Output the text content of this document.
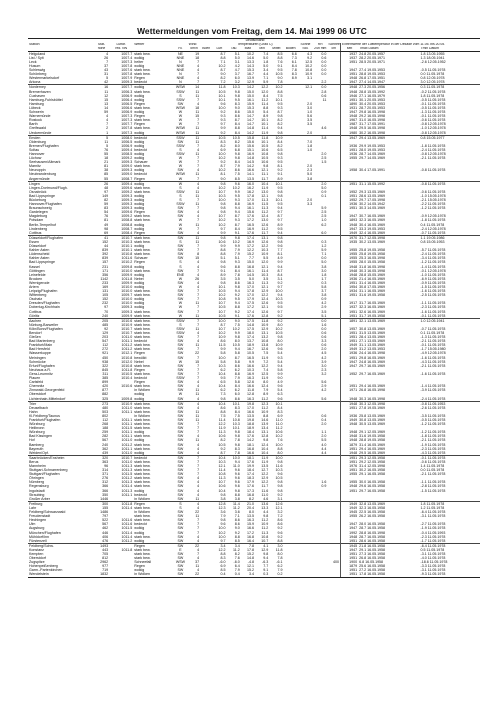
Wettermeldungen vom Freitag, dem 14. Mai 1999 06 UTC
							Deutschland											
Station	Stat-	Luftdr.	Wetter	Wind			Temperaturen (Grad C)						Sonne	RR	Schnee	Extremwerte der Lufttemperatur in der Dekade vom 11.05. bis 20.05.		
	höhe	red. NN		Ri.	km/h	Böen	Luft	Tau	Max	Min	Mittel	Boden	Std.	24h mm	cm	seit	Tmax Datum	Tmin Datum
Helgoland	4	1007.7	stark bew.	NE	19		8.7	5.1	10.2	7.4	8.5	6.6	4.3	0.0		1937	24.8 20.05.1957	1.8 13.05.1955
List / Sylt	26	1007.4	wolkig	NNE	18		8.8	5.0	14.6	5.0	8.8	7.3	9.2	0.6		1937	28.2 20.05.1971	1.3 18.05.1941
Leck	7	1007.3	heiter	N	7		7.1	3.1	13.3	1.8	7.6	6.1	12.5	0.0		1951	28.5 20.05.1971	-2.6 12.05.1952
Husum	37	1007.8	wolkig	NNE	4		10.2	4.2	14.3	5.0	9.1	8.4	10.2	0.0				
Schleswig	43	1007.6	stark bew.	NNE	4		8.7	4.7	15.3	3.4	9.5	7.8	10.8	0.0		1947	27.4 19.05.1953	-0.5 11.05.1978
Schönberg	31	1007.8	stark bew.	N	7		9.0	3.7	16.7	4.4	10.5	8.3	10.9	0.0		1951	28.8 19.05.1953	0.0 11.05.1978
Westermarkelsdorf	5	1007.9	Regen	NNE	4		8.2	6.0	13.9	7.1	9.0	8.9	3.1			1948	26.8 17.05.1951	0.8 12.05.1978
Arkona	42	1009.3	bedeckt	N	7		7.2	3.2	12.9	5.9	7.8			2.2		1947	27.4 14.05.1947	3.0 12.05.1978
Norderney	16	1007.7	wolkig	WSW	14		11.8	10.3	14.2	12.2	10.2		12.1	0.0		1948	27.3 20.05.1956	0.3 11.05.1978
Bremerhaven	11	1006.3	stark bew.	SSW	11		10.5	9.8	15.0	12.0	8.8			2.8		1948	28.8 15.05.1992	-0.2 11.05.1978
Cuxhaven	12	1006.9	wolkig	S	11		10.1	9.8	15.0	8.4	7.5			0.6		1946	27.1 16.05.1979	1.8 11.05.1978
Hamburg-Fuhlsbüttel	15	1006.4	wolkig	SSW	7		10.1	9.5	16.1	11.2	10.1			11		1951	30.1 20.05.1953	-0.5 11.05.1978
Hamburg	13	1006.5	Regen	SW	4		9.6	8.3	15.9	11.4	9.5		2.0			1890	30.4 20.05.1953	-0.1 11.05.1978
Lübeck	14	1006.6	stark bew.	WSW	18		10.0	9.0	15.3	8.8	9.3		3.0			1931	28.7 20.05.1953	-0.5 11.05.1978
Schwerin	59	1006.9	wolkig	W	11		9.2	8.6	15.0	5.4	8.7		1.0			1947	29.8 16.05.1998	-1.3 11.05.1978
Warnemünde	4	1007.3	Regen	W	15		9.3	8.6	14.7	8.9	9.8		5.6			1948	29.2 16.05.1998	-0.1 11.05.1978
Rostock	4	1007.3	stark bew.	W	7		9.3	8.7	14.7	10.1	8.2		3.5			1967	31.0 16.05.1998	-0.6 11.05.1978
Barth	7	1007.7	Regen	W	7		9.7	8.4	14.7	10.1	8.2		3.5			1987	31.7 17.05.1991	-0.8 12.05.1978
Greifswald	2	1007.8	stark bew.	WSW	11		9.9	8.8	14.8	11.4	9.4			4.6		1948	29.5 16.05.1998	-1.0 12.05.1978
Ueckermünde	1	1007.3	wolkig	WSW	11		9.2	8.4	14.2	11.9	9.8		2.0			1980	30.2 16.05.1998	-0.8 12.05.1978
Emden	5	1008.0	bedeckt	SSW	11		10.5	10.5	15.8	11.8	10.9			3.8		1947	29.4 13.05.1969	0.8 15.05.1977
Oldenburg	11	1006.5	wolkig	SW	11		8.3	8.2	15.6	10.1	8.4		7.0					
Bremen/Flughafen	5	1006.9	wolkig	SSW	7		8.2	8.0	15.6	10.5	8.2		1.8			1936	29.9 19.05.1953	-1.8 11.05.1978
Soltau	76	1009.4	bedeckt	S	4		6.9	6.8	15.1	10.6	6.5		1.0			1951	28.0 19.05.1953	-2.4 11.05.1978
Hannover	55	1008.5	wolkig	SSW	11		10.0	9.8	16.9	10.8	9.8			2.0		1936	28.7 14.05.1969	-0.8 12.05.1978
Lüchow	18	1009.2	wolkig	W	7		10.2	9.8	14.8	10.5	9.3			2.5		1955	29.7 14.05.1969	-2.1 11.05.1978
Seehausen/Altmark	21	1009.3	Schauer	W	7		9.2	8.4	14.5	10.6	9.5			1.5				
Marnitz	81	1009.0	stark bew.	W	7		8.7	7.9	14.2	9.8	8.1		2.0					
Neuruppin	38	1009.3	wolkig	SW	4		10.2	8.6	16.6	12.1	9.2		2.3			1958	30.4 17.05.1991	-0.8 11.05.1978
Neubrandenburg	85	1009.0	bedeckt	WSW	11		8.1	7.5	14.1	11.1	9.1		5.0					
Angermünde	55	1008.7	Regen	W	7		9.0	8.5	13.5	11.7	8.9		3.8					
Lingen	26	1009.4	wolkig	W	4		9.8	9.6	16.0	10.4	10.1			2.0		1951	31.1 15.05.1992	-0.8 11.05.1978
Lingen-Dortmund/Flugh.	48	1009.6	stark bew.	S	4		10.2	10.2	16.2	11.9	9.5			5.0				
Osnabrück	97	1009.2	stark bew.	SSW	11		10.7	9.9	16.2	13.0	9.8			0.9		1952	29.3 13.05.1969	-0.6 11.05.1978
Bad Lippspringe	149	1009.3	wolkig	S	11		10.3	9.5	17.8	12.1	9.8			0.1		1951	28.6 13.05.1969	-1.0 15.05.1978
Bückeburg	82	1009.3	wolkig	S	7		10.0	9.3	17.0	11.3	10.1		2.0			1952	29.7 17.05.1998	-2.1 15.05.1978
Hannover/Flughafen	59	1009.3	wolkig	SSW	11		9.8	8.8	16.9	11.5	9.5		3.3			1936	30.2 14.05.1942	-2.2 11.05.1978
Braunschweig	83	1009.3	wolkig	SW	7		9.8	9.4	16.1	11.3	9.4			5.9		1951	30.3 14.05.1969	-1.2 11.05.1978
Gardelegen	54	1009.6	Regen	SW	4		9.8	9.4	15.6	11.2	9.7			2.5				
Magdeburg	76	1009.2	stark bew.	SW	4		10.7	8.7	17.6	12.4	8.7			2.5		1947	30.7 16.05.1969	-0.9 12.05.1978
Potsdam	81	1008.8	stark bew.	W	7		10.2	9.3	17.2	13.0	9.7			1.0		1893	32.3 16.05.1969	-1.8 11.05.1978
Berlin-Tempelhof	49	1008.8	wolkig	W	11		10.2	8.7	16.5	12.6	8.9			6.2		1948	30.4 16.05.1969	0.4 11.05.1978
Lindenberg	98	1008.7	wolkig	W	7		9.7	8.4	16.9	11.2	9.5					1947	33.3 19.05.1953	-2.4 12.05.1978
Cottbus	69	1008.4	Regen	SW	4		9.9	9.1	17.6	11.7	9.4			6.0		1949	32.4 16.05.1969	-0.7 11.05.1978
Düsseldorf/Flughafen	41	1010.7	stark bew.	SW	11		9.8	9.8	17.4	13.1	9.8					1970	31.7 12.05.1998	1.1 19.05.1986
Essen	152	1010.3	stark bew.	S	11		10.6	10.2	16.9	12.6	9.8			0.3		1935	30.2 13.05.1969	0.8 15.05.1953
Düsseldorf	44	1010.1	wolkig	SW	7		9.9	9.9	17.2	12.2	9.6			1.2				
Kahler Asten	839	1010.1	stark bew.	SW	7		8.8	7.9	12.2	10.3	7.7			5.9		1955	25.8 19.05.1958	-5.7 11.05.1978
Lüdenscheid	392	1010.8	stark bew.	SW	8		8.8	7.9	15.2	10.9	8.1			7.1		1955	25.8 19.05.1958	-2.4 11.05.1978
Kahler Asten	839	1011.6	Schauer	SW	15		5.1	5.1	7.7	5.5	4.9			0.0		1955	25.3 16.05.1998	-3.4 11.05.1978
Bad Lippspringe	157	1010.2	Regen	S	4		9.8	9.3	15.0	12.0	9.9			5.0		1955	28.0 15.05.1958	-1.2 11.05.1978
Kassel	231	1009.8	wolkig	S	4		9.6	8.8	16.8	12.1	9.4			3.8		1948	31.8 16.05.1998	-1.4 11.05.1978
Göttingen	171	1010.0	stark bew.	SW	7		9.1	8.4	16.1	11.4	8.7			3.0		1948	30.3 16.05.1998	-0.1 12.05.1978
Leinefelde	356	1009.9	wolkig	ENE	4		8.9	7.8	14.5	10.3	8.4			1.8		1948	28.8 15.05.1969	-1.0 11.05.1978
Brocken	1142	1011.8	Nebel	W	26		3.5	3.5	5.0	3.5	3.1			1.7		1936	21.4 16.05.1969	-6.9 11.05.1978
Wernigerode	233	1009.9	wolkig	SW	4		9.8	8.6	16.3	11.3	9.2			0.3		1951	31.4 16.05.1969	-0.9 11.05.1978
Artern	169	1010.0	wolkig	W	4		10.1	9.8	17.0	12.1	9.7			5.8		1954	30.8 17.05.1969	-1.5 11.05.1978
Leipzig/Flughafen	131	1010.0	stark bew.	SW	7		10.5	9.4	17.8	12.9	10.0			3.7		1934	31.1 16.05.1969	-1.6 11.05.1978
Wittenberg	105	1009.7	stark bew.	SW	7		10.2	9.2	17.0	12.2	9.4			3.8		1951	31.6 19.05.1958	-2.5 11.05.1978
Oschatz	152	1010.0	wolkig	SW	7		10.8	9.5	17.9	12.4	10.3			0.9				
Dresden/Flughafen	232	1010.0	wolkig	W	11		10.7	9.4	17.5	12.6	9.5			4.2		1917	31.7 16.05.1969	-1.1 11.05.1978
Doberlug-Kirchhain	97	1009.3	wolkig	W	7		10.5	8.8	17.2	12.1	9.5			2.9		1937	32.3 16.05.1969	-2.3 11.05.1978
Cottbus	70	1009.3	stark bew.	SW	7		10.7	9.2	17.4	12.6	9.7			3.5		1951	32.6 16.05.1969	-1.6 11.05.1978
Görlitz	240	1009.9	stark bew.	W	11		10.5	9.1	17.6	12.8	9.2			5.1		1951	31.7 19.05.1958	-0.1 11.05.1978
Aachen	205	1010.6	stark bew.	SSW	7		10.0	9.0	17.5	11.8	9.2			0.0		1891	32.1 13.05.1969	1.0 12.05.1941
Nürburg-Barweiler	485	1010.9	stark bew.	S	7		8.7	7.5	14.8	10.9	8.0			1.6				
Köln/Bonn/Flughafen	92	1010.7	stark bew.	SSW	11		10.7	10.2	17.5	12.9	10.2			0.0		1957	30.8 13.05.1969	-0.7 11.05.1978
Bendorf	129	1010.7	stark bew.	SSW	4		10.2	9.9	18.0	13.1	10.5			0.6		1951	31.5 13.05.1969	0.1 11.05.1978
Gießen	203	1011.0	stark bew.	SW	7		10.9	9.8	17.4	13.2	9.8			0.6		1951	28.4 13.05.1969	-1.3 11.05.1978
Bad Marienberg	547	1011.1	bedeckt	SW	4		8.6	8.0	13.7	10.8	8.0			3.3		1951	27.1 13.05.1969	-2.1 11.05.1978
Frankfurt/Main	112	1011.2	stark bew.	SW	11		11.5	10.5	18.9	13.8	10.9			0.6		1949	31.1 13.05.1969	-0.1 11.05.1978
Bad Hersfeld	272	1011.2	stark bew.	SW	7		9.9	9.4	16.7	12.6	9.6			2.0		1949	31.2 13.05.1953	-1.7 15.05.1980
Wasserkuppe	921	1012.1	Regen	SW	22		5.8	5.8	10.5	7.5	5.4			4.5		1936	24.4 16.05.1998	-4.9 12.05.1978
Meiningen	450	1010.8	bewölkt	SW	7		10.0	8.7	16.5	11.9	9.3			4.2		1951	29.8 16.05.1969	-1.6 11.05.1978
Schmücke	938	1012.0	Nebel	W	15		5.8	5.8	9.9	7.2	5.4			3.9		1947	24.8 16.05.1969	-4.3 11.05.1978
Erfurt/Flughafen	322	1010.8	stark bew.	SW	7		10.3	8.6	16.6	12.2	9.4			3.0		1947	29.7 16.05.1969	-2.1 11.05.1978
Neuhaus a.R.	845	1011.8	Regen	SW	7		6.2	6.2	10.3	7.4	5.8			2.3				
Gera-Leumnitz	311	1010.5	stark bew.	SW	7		10.4	8.8	16.9	12.5	9.9			3.2		1952	29.7 16.05.1969	-1.6 11.05.1978
Plauen	385	1010.4	bedeckt	SSW	7		9.5	7.9	16.3	11.9	9.0							
Carlsfeld	899		Regen	SW	4		6.5	5.8	12.6	8.0	4.9			5.6				
Chemnitz	420	1010.6	stark bew.	SW	4		10.4	8.4	16.6	12.4	9.6			2.9		1951	29.4 16.05.1969	-1.4 11.05.1978
Zinnwald-Georgenfeld	877		in Wolken	SW	11		6.2	6.2	11.8	7.9	5.4			4.2		1971	26.8 16.05.1998	-3.9 11.05.1978
Oberstdorf	882		wolkig	W	11		7.3	6.0	12.8	8.9	6.3							
Lichtenhain-Mittelndorf	325	1009.8	wolkig	SW	4		9.8	8.6	16.3	11.2	9.6			5.6		1948	30.3 16.05.1998	-2.4 11.05.1978
Trier	273	1010.9	stark bew.	SW	4		10.4	10.1	19.8	12.3	10.1					1948	30.3 12.05.1998	-0.8 11.05.1953
Deuselbach	480	1011.0	stark bew.	SW	4		8.6	8.3	17.0	11.2	8.4					1951	27.8 19.05.1969	-2.6 11.05.1978
Hahn	503	1011.1	stark bew.	SW	11		8.8	8.4	16.6	10.9	8.3							
Kl.Feldberg/Taunus	802		in Wolken	SW	11		7.5	7.5	13.5	8.8	6.9			0.6		1936	25.8 13.05.1969	-3.5 11.05.1978
Frankfurt/Flughafen	112	1011.1	stark bew.	SW	11		11.4	10.8	19.8	14.6	11.0			0.4		1949	30.8 13.05.1969	-0.5 11.05.1978
Würzburg	268	1011.1	stark bew.	SW	7		12.2	10.3	18.8	13.9	11.0			2.0		1948	30.5 13.05.1969	-1.2 11.05.1978
Heilbronn	188	1011.5	stark bew.	SW	7		11.9	10.1	18.9	13.4	11.2							
Würzburg	259	1011.1	wolkig	SW	7		11.3	9.8	18.4	13.1	10.6			1.1		1948	29.1 12.05.1969	-1.2 11.05.1978
Bad Kissingen	282	1011.1	stark bew.	SW	4		10.6	9.8	17.6	12.8	10.2			2.0		1948	31.6 19.05.1958	-1.8 11.05.1978
Hof	567	1011.0	wolkig	SW	11		8.2	7.8	14.2	9.8	7.6			5.5		1948	28.8 19.05.1958	-2.1 11.05.1978
Bamberg	240	1011.2	stark bew.	SW	4		10.5	9.8	18.1	12.4	10.0			4.0		1879	31.4 16.05.1969	-1.9 11.05.1978
Bayreuth	362	1011.1	stark bew.	SW	4		9.2	8.3	16.8	10.4	8.8			4.4		1951	29.4 16.05.1969	-2.3 11.05.1978
Weiden/Opf.	439	1011.0	wolkig	SW	4		8.7	7.8	16.6	10.4	8.0			4.4		1948	29.5 16.05.1969	-4.3 11.05.1978
Saarbrücken/Ensheim	320	1010.7	bedeckt	SW	7		10.4	10.0	18.1	11.9	10.0					1951	29.3 12.05.1958	-0.1 11.05.1978
Berus	363	1011.0	stark bew.	SW	7		10.3	9.4	17.6	11.9	9.8					1951	29.2 12.05.1958	-0.6 11.05.1978
Mannheim	96	1011.3	stark bew.	SW	7		12.1	11.0	19.9	13.5	11.6					1976	31.4 12.05.1998	1.4 11.05.1978
Stuttgart-Schnarrenberg	314	1011.3	stark bew.	SW	7		11.4	9.6	18.4	12.7	10.3					1951	30.2 16.05.1958	0.0 11.05.1978
Stuttgart/Flughafen	371	1011.5	stark bew.	SW	7		10.8	9.6	17.4	12.2	9.6					1955	29.1 16.05.1958	-2.1 11.05.1978
Öhringen	276	1011.2	stark bew.	SW	4		11.3	9.6	18.3	12.9	10.5							
Nürnberg	312	1011.3	stark bew.	SW	4		10.7	9.6	17.9	12.2	9.8			1.6		1955	30.0 16.05.1958	-1.1 11.05.1978
Regensburg	366	1011.4	stark bew.	SW	4		10.6	9.6	17.6	11.7	9.8			0.9		1948	29.6 16.05.1958	-2.8 11.05.1978
Ingolstadt	366	1011.3	wolkig	SW	4		10.4	9.8	17.3	11.6	9.8					1951	29.7 16.05.1958	-1.5 11.05.1978
Straubing	350	1011.1	bedeckt	SW	4		9.8	8.8	16.8	11.0	9.2							
Großer Arber	1446		in Wolken	SW	11		3.8	3.8	8.2	4.6	3.1							
Freiburg	300	1011.8	Regen	S	4		12.8	11.4	21.0	13.6	12.6					1949	32.8 13.05.1969	1.8 11.05.1978
Lahr	155	1011.4	stark bew.	S	4		12.3	11.2	20.4	13.3	12.1					1949	32.3 16.05.1958	1.2 11.05.1978
Feldberg/Schwarzwald	1486		in Wolken	SW	22		3.6	3.6	8.0	4.4	3.2					1945	22.5 16.05.1958	-6.4 11.05.1978
Freudenstadt	797		stark bew.	SW	11		7.9	7.1	13.5	9.8	7.2					1955	26.2 16.05.1958	-3.1 11.05.1978
Hechingen	522	1011.6	stark bew.	SW	7		9.8	8.6	16.3	11.2	8.6							
Ulm	567	1011.6	bedeckt	SW	7		9.6	8.6	15.9	10.9	8.6					1947	28.0 16.05.1958	-2.7 11.05.1978
Augsburg	462	1011.5	wolkig	SW	7		10.0	9.0	16.6	11.2	9.2					1947	28.7 16.05.1958	-1.9 11.05.1978
München/Flughafen	446	1011.4	wolkig	SW	7		10.2	9.2	17.2	11.3	9.6					1992	28.8 16.05.1998	-0.4 11.05.1993
Mühldorf/Inn	406	1011.4	stark bew.	SW	4		10.0	8.8	16.8	10.8	9.2					1948	28.7 16.05.1958	-2.3 11.05.1978
Fürstenzell	476	1011.2	wolkig	SW	4		9.7	8.5	16.4	10.7	8.8					1951	28.6 16.05.1958	-1.7 11.05.1978
Feldberg/Schw.	1493		Regen	SW	22		3.4	3.4	7.8	4.1	3.0					1945	21.8 16.05.1958	-6.4 11.05.1978
Konstanz	443	1011.8	stark bew.	E	4		12.2	11.2	17.8	12.9	11.8					1947	29.1 16.05.1958	0.5 11.05.1978
Kempten	705		stark bew.	SW	7		8.8	8.2	15.2	9.8	8.0					1951	27.3 16.05.1958	-3.1 11.05.1978
Oberstdorf	812		stark bew.	SW	4		8.3	7.6	14.8	9.4	7.8					1951	26.8 16.05.1958	-4.0 11.05.1978
Zugspitze	2962		Schneefall	WSW	37		-6.0	-6.0	-4.8	-6.3	-6.1				400	1900	6.8 16.05.1958	-18.6 11.05.1978
Hohenpeißenberg	977		Regen	SW	11		6.9	6.4	12.1	7.7	6.2					1879	25.6 16.05.1958	-3.3 11.05.1978
Garm.-Partenkirchen	719		wolkig	SW	4		8.5	7.9	15.2	9.1	7.9					1951	27.2 16.05.1958	-3.1 11.05.1978
Wendelstein	1832		in Wolken	SW	22		0.4	0.4	3.4	0.3	0.2					1951	17.8 16.05.1958	-9.3 11.05.1978
